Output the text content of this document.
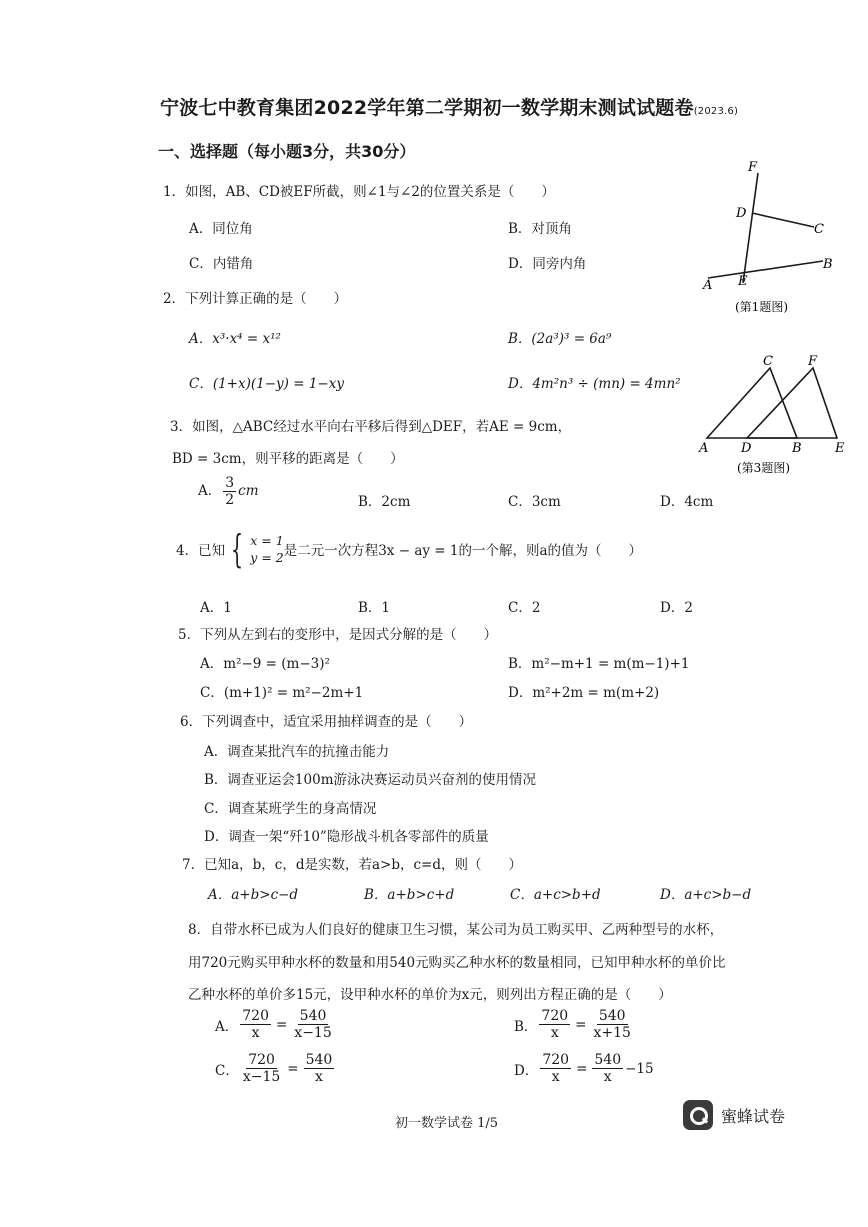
宁波七中教育集团2022学年第二学期初一数学期末测试试题卷(2023.6)
一、选择题（每小题3分，共30分）
F
D
C
A E
B
(第1题图)
1．如图，AB、CD被EF所截，则∠1与∠2的位置关系是（　　）
A．同位角	B．对顶角
C．内错角	D．同旁内角
2．下列计算正确的是（　　）
A．x³·x⁴ = x¹²	B．(2a³)³ = 6a⁹
C．(1+x)(1−y) = 1−xy	D．4m²n³ ÷ (mn) = 4mn²
C	F
A	D	B	E
(第3题图)
3．如图，△ABC经过水平向右平移后得到△DEF，若AE = 9cm，
BD = 3cm，则平移的距离是（　　）
A． $\frac{3}{2}$ cm
B．2cm	C．3cm	D．4cm
4．已知 { x = 1
y = 2 是二元一次方程3x − ay = 1的一个解，则a的值为（　　）
A．1	B．1	C．2	D．2
5．下列从左到右的变形中，是因式分解的是（　　）
A．m²−9 = (m−3)²	B．m²−m+1 = m(m−1)+1
C．(m+1)² = m²−2m+1	D．m²+2m = m(m+2)
6．下列调查中，适宜采用抽样调查的是（　　）
A．调查某批汽车的抗撞击能力
B．调查亚运会100m游泳决赛运动员兴奋剂的使用情况
C．调查某班学生的身高情况
D．调查一架“歼10”隐形战斗机各零部件的质量
7．已知a，b，c，d是实数，若a>b，c=d，则（　　）
A．a+b>c−d	B．a+b>c+d	C．a+c>b+d	D．a+c>b−d
8．自带水杯已成为人们良好的健康卫生习惯，某公司为员工购买甲、乙两种型号的水杯，
用720元购买甲种水杯的数量和用540元购买乙种水杯的数量相同，已知甲种水杯的单价比
乙种水杯的单价多15元，设甲种水杯的单价为x元，则列出方程正确的是（　　）
A． $\frac{720}{x} = \frac{540}{x-15}$	B． $\frac{720}{x} = \frac{540}{x+15}$
C． $\frac{720}{x-15} = \frac{540}{x}$	D． $\frac{720}{x} = \frac{540}{x} -15$
初一数学试卷 1/5	蜜蜂试卷
